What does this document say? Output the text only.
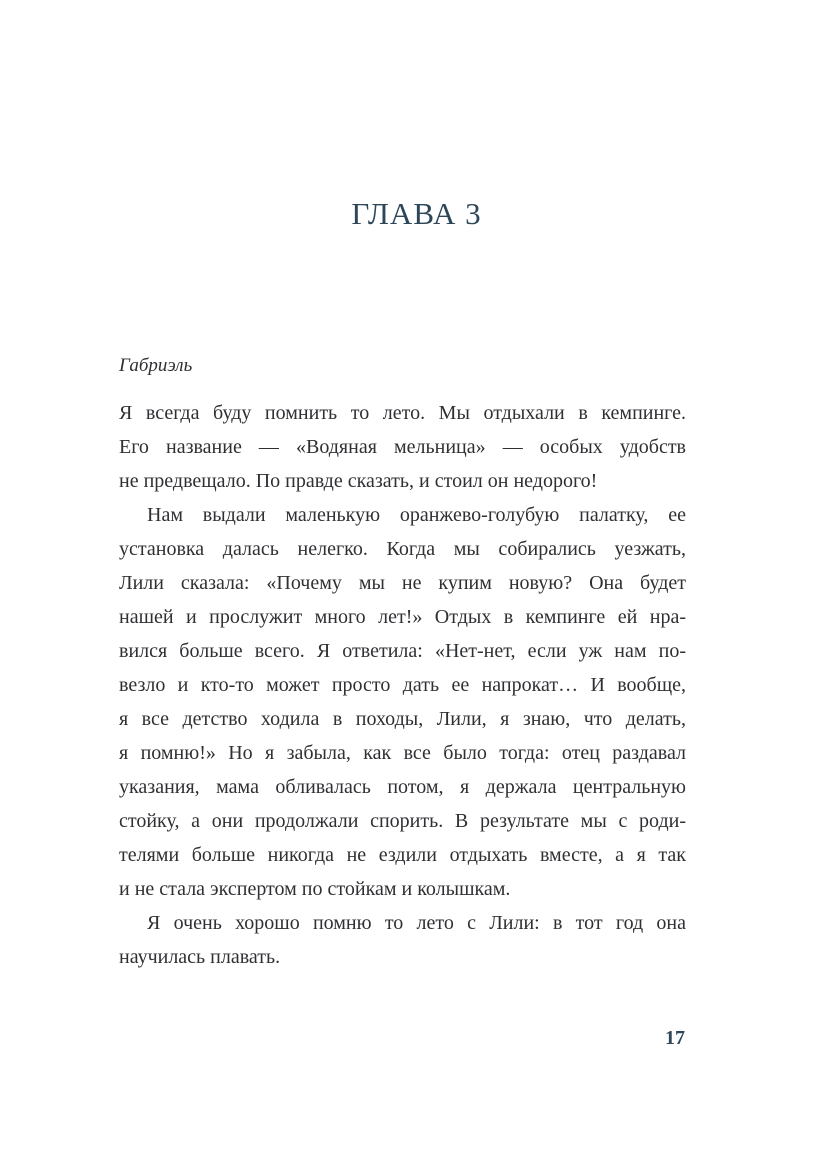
ГЛАВА 3
Габриэль
Я всегда буду помнить то лето. Мы отдыхали в кемпинге.
Его название — «Водяная мельница» — особых удобств
не предвещало. По правде сказать, и стоил он недорого!
Нам выдали маленькую оранжево-голубую палатку, ее
установка далась нелегко. Когда мы собирались уезжать,
Лили сказала: «Почему мы не купим новую? Она будет
нашей и прослужит много лет!» Отдых в кемпинге ей нра-
вился больше всего. Я ответила: «Нет-нет, если уж нам по-
везло и кто-то может просто дать ее напрокат… И вообще,
я все детство ходила в походы, Лили, я знаю, что делать,
я помню!» Но я забыла, как все было тогда: отец раздавал
указания, мама обливалась потом, я держала центральную
стойку, а они продолжали спорить. В результате мы с роди-
телями больше никогда не ездили отдыхать вместе, а я так
и не стала экспертом по стойкам и колышкам.
Я очень хорошо помню то лето с Лили: в тот год она
научилась плавать.
17
